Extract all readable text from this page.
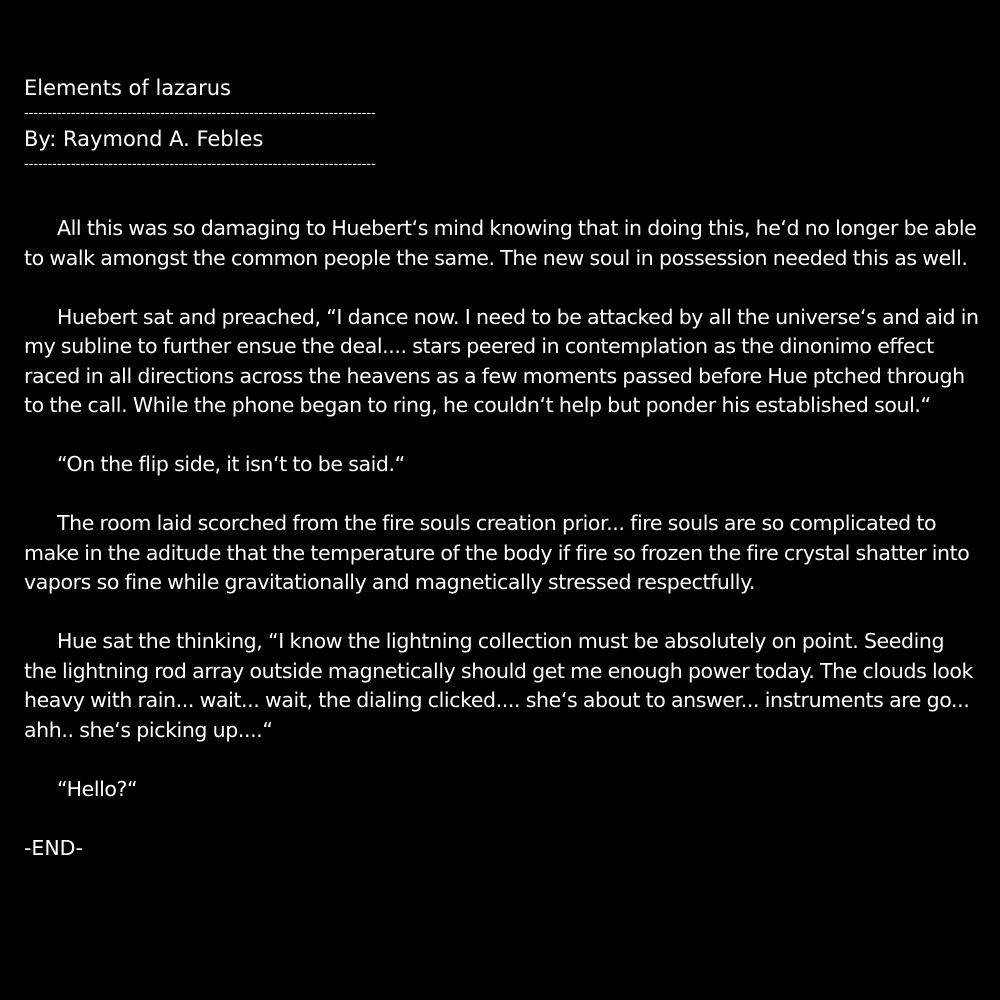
Elements of lazarus
---------------------------------------------------------------------------
By: Raymond A. Febles
---------------------------------------------------------------------------

All this was so damaging to Huebert‘s mind knowing that in doing this, he‘d no longer be able to walk amongst the common people the same. The new soul in possession needed this as well.

Huebert sat and preached, “I dance now. I need to be attacked by all the universe‘s and aid in my subline to further ensue the deal.... stars peered in contemplation as the dinonimo effect raced in all directions across the heavens as a few moments passed before Hue ptched through to the call. While the phone began to ring, he couldn‘t help but ponder his established soul.“

“On the flip side, it isn‘t to be said.“

The room laid scorched from the fire souls creation prior... fire souls are so complicated to make in the aditude that the temperature of the body if fire so frozen the fire crystal shatter into vapors so fine while gravitationally and magnetically stressed respectfully.

Hue sat the thinking, “I know the lightning collection must be absolutely on point. Seeding the lightning rod array outside magnetically should get me enough power today. The clouds look heavy with rain... wait... wait, the dialing clicked.... she‘s about to answer... instruments are go... ahh.. she‘s picking up....“

“Hello?“

-END-
